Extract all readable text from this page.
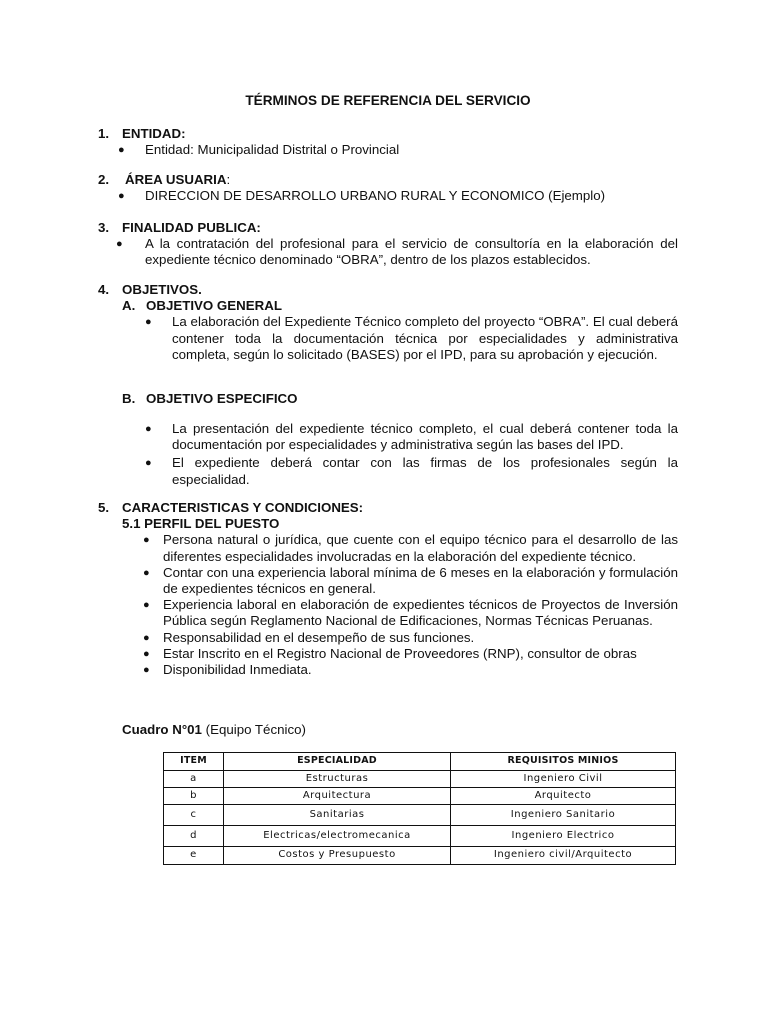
TÉRMINOS DE REFERENCIA DEL SERVICIO
1. ENTIDAD:
● Entidad: Municipalidad Distrital o Provincial
2.	ÁREA USUARIA :
● DIRECCION DE DESARROLLO URBANO RURAL Y ECONOMICO (Ejemplo)
3. FINALIDAD PUBLICA:
● A la contratación del profesional para el servicio de consultoría en la elaboración del expediente técnico denominado “OBRA”, dentro de los plazos establecidos.
4. OBJETIVOS.
A. OBJETIVO GENERAL
● La elaboración del Expediente Técnico completo del proyecto “OBRA”. El cual deberá contener toda la documentación técnica por especialidades y administrativa completa, según lo solicitado (BASES) por el IPD, para su aprobación y ejecución.
B. OBJETIVO ESPECIFICO
● La presentación del expediente técnico completo, el cual deberá contener toda la documentación por especialidades y administrativa según las bases del IPD.
● El expediente deberá contar con las firmas de los profesionales según la especialidad.
5. CARACTERISTICAS Y CONDICIONES:
5.1 PERFIL DEL PUESTO
● Persona natural o jurídica, que cuente con el equipo técnico para el desarrollo de las diferentes especialidades involucradas en la elaboración del expediente técnico.
● Contar con una experiencia laboral mínima de 6 meses en la elaboración y formulación de expedientes técnicos en general.
● Experiencia laboral en elaboración de expedientes técnicos de Proyectos de Inversión Pública según Reglamento Nacional de Edificaciones, Normas Técnicas Peruanas.
● Responsabilidad en el desempeño de sus funciones.
● Estar Inscrito en el Registro Nacional de Proveedores (RNP), consultor de obras
● Disponibilidad Inmediata.
Cuadro N°01 (Equipo Técnico)
ITEM	ESPECIALIDAD	REQUISITOS MINIOS
a	Estructuras	Ingeniero Civil
b	Arquitectura	Arquitecto
c	Sanitarias	Ingeniero Sanitario
d	Electricas/electromecanica	Ingeniero Electrico
e	Costos y Presupuesto	Ingeniero civil/Arquitecto
